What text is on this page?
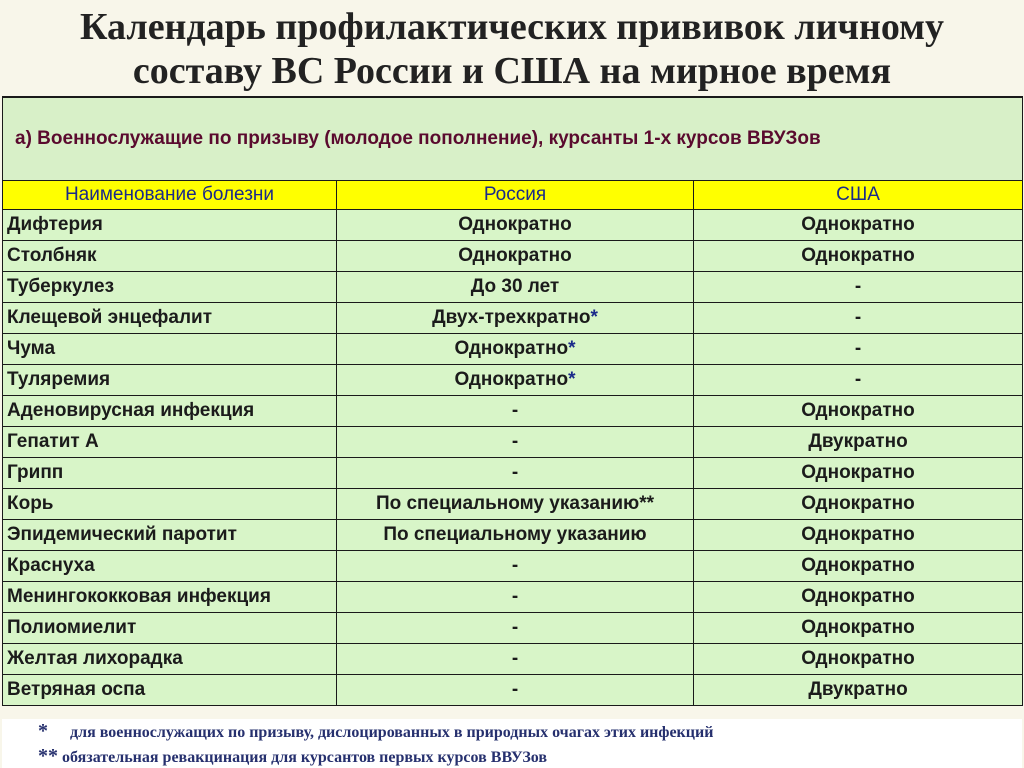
Календарь профилактических прививок личному
составу ВС России и США на мирное время
а) Военнослужащие по призыву (молодое пополнение), курсанты 1-х курсов ВВУЗов		
Наименование болезни	Россия	США
Дифтерия	Однократно	Однократно
Столбняк	Однократно	Однократно
Туберкулез	До 30 лет	-
Клещевой энцефалит	Двух-трехкратно*	-
Чума	Однократно*	-
Туляремия	Однократно*	-
Аденовирусная инфекция	-	Однократно
Гепатит А	-	Двукратно
Грипп	-	Однократно
Корь	По специальному указанию**	Однократно
Эпидемический паротит	По специальному указанию	Однократно
Краснуха	-	Однократно
Менингококковая инфекция	-	Однократно
Полиомиелит	-	Однократно
Желтая лихорадка	-	Однократно
Ветряная оспа	-	Двукратно
* для военнослужащих по призыву, дислоцированных в природных очагах этих инфекций
** обязательная ревакцинация для курсантов первых курсов ВВУЗов
